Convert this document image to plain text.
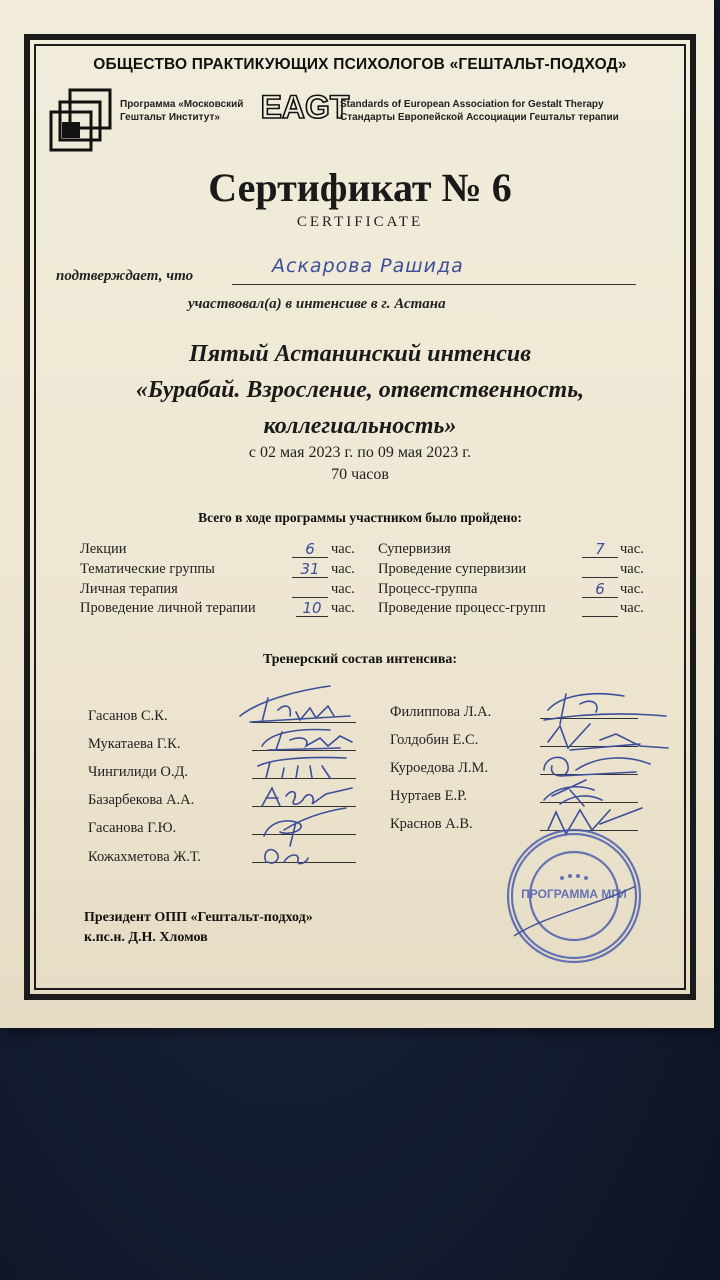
ОБЩЕСТВО ПРАКТИКУЮЩИХ ПСИХОЛОГОВ «ГЕШТАЛЬТ-ПОДХОД»
Программа «Московский
Гештальт Институт»	EAGT
Standards of European Association for Gestalt Therapy
Стандарты Европейской Ассоциации Гештальт терапии
Сертификат № 6
CERTIFICATE
подтверждает, что	Аскарова Рашида
участвовал(а) в интенсиве в г. Астана
Пятый Астанинский интенсив
«Бурабай. Взросление, ответственность,
коллегиальность»
с 02 мая 2023 г. по 09 мая 2023 г.
70 часов
Всего в ходе программы участником было пройдено:
Лекции	6	час.
Тематические группы	31 час.
Личная терапия	час.
Проведение личной терапии	10 час.
Супервизия	7	час.
Проведение супервизии	час.
Процесс-группа	6	час.
Проведение процесс-групп	час.
Тренерский состав интенсива:
Гасанов С.К.
Мукатаева Г.К.
Чингилиди О.Д.
Базарбекова А.А.
Гасанова Г.Ю.
Кожахметова Ж.Т.
Филиппова Л.А.
Голдобин Е.С.
Куроедова Л.М.
Нуртаев Е.Р.
Краснов А.В.
ПРОГРАММА МГИ
Президент ОПП «Гештальт-подход»
к.пс.н. Д.Н. Хломов
